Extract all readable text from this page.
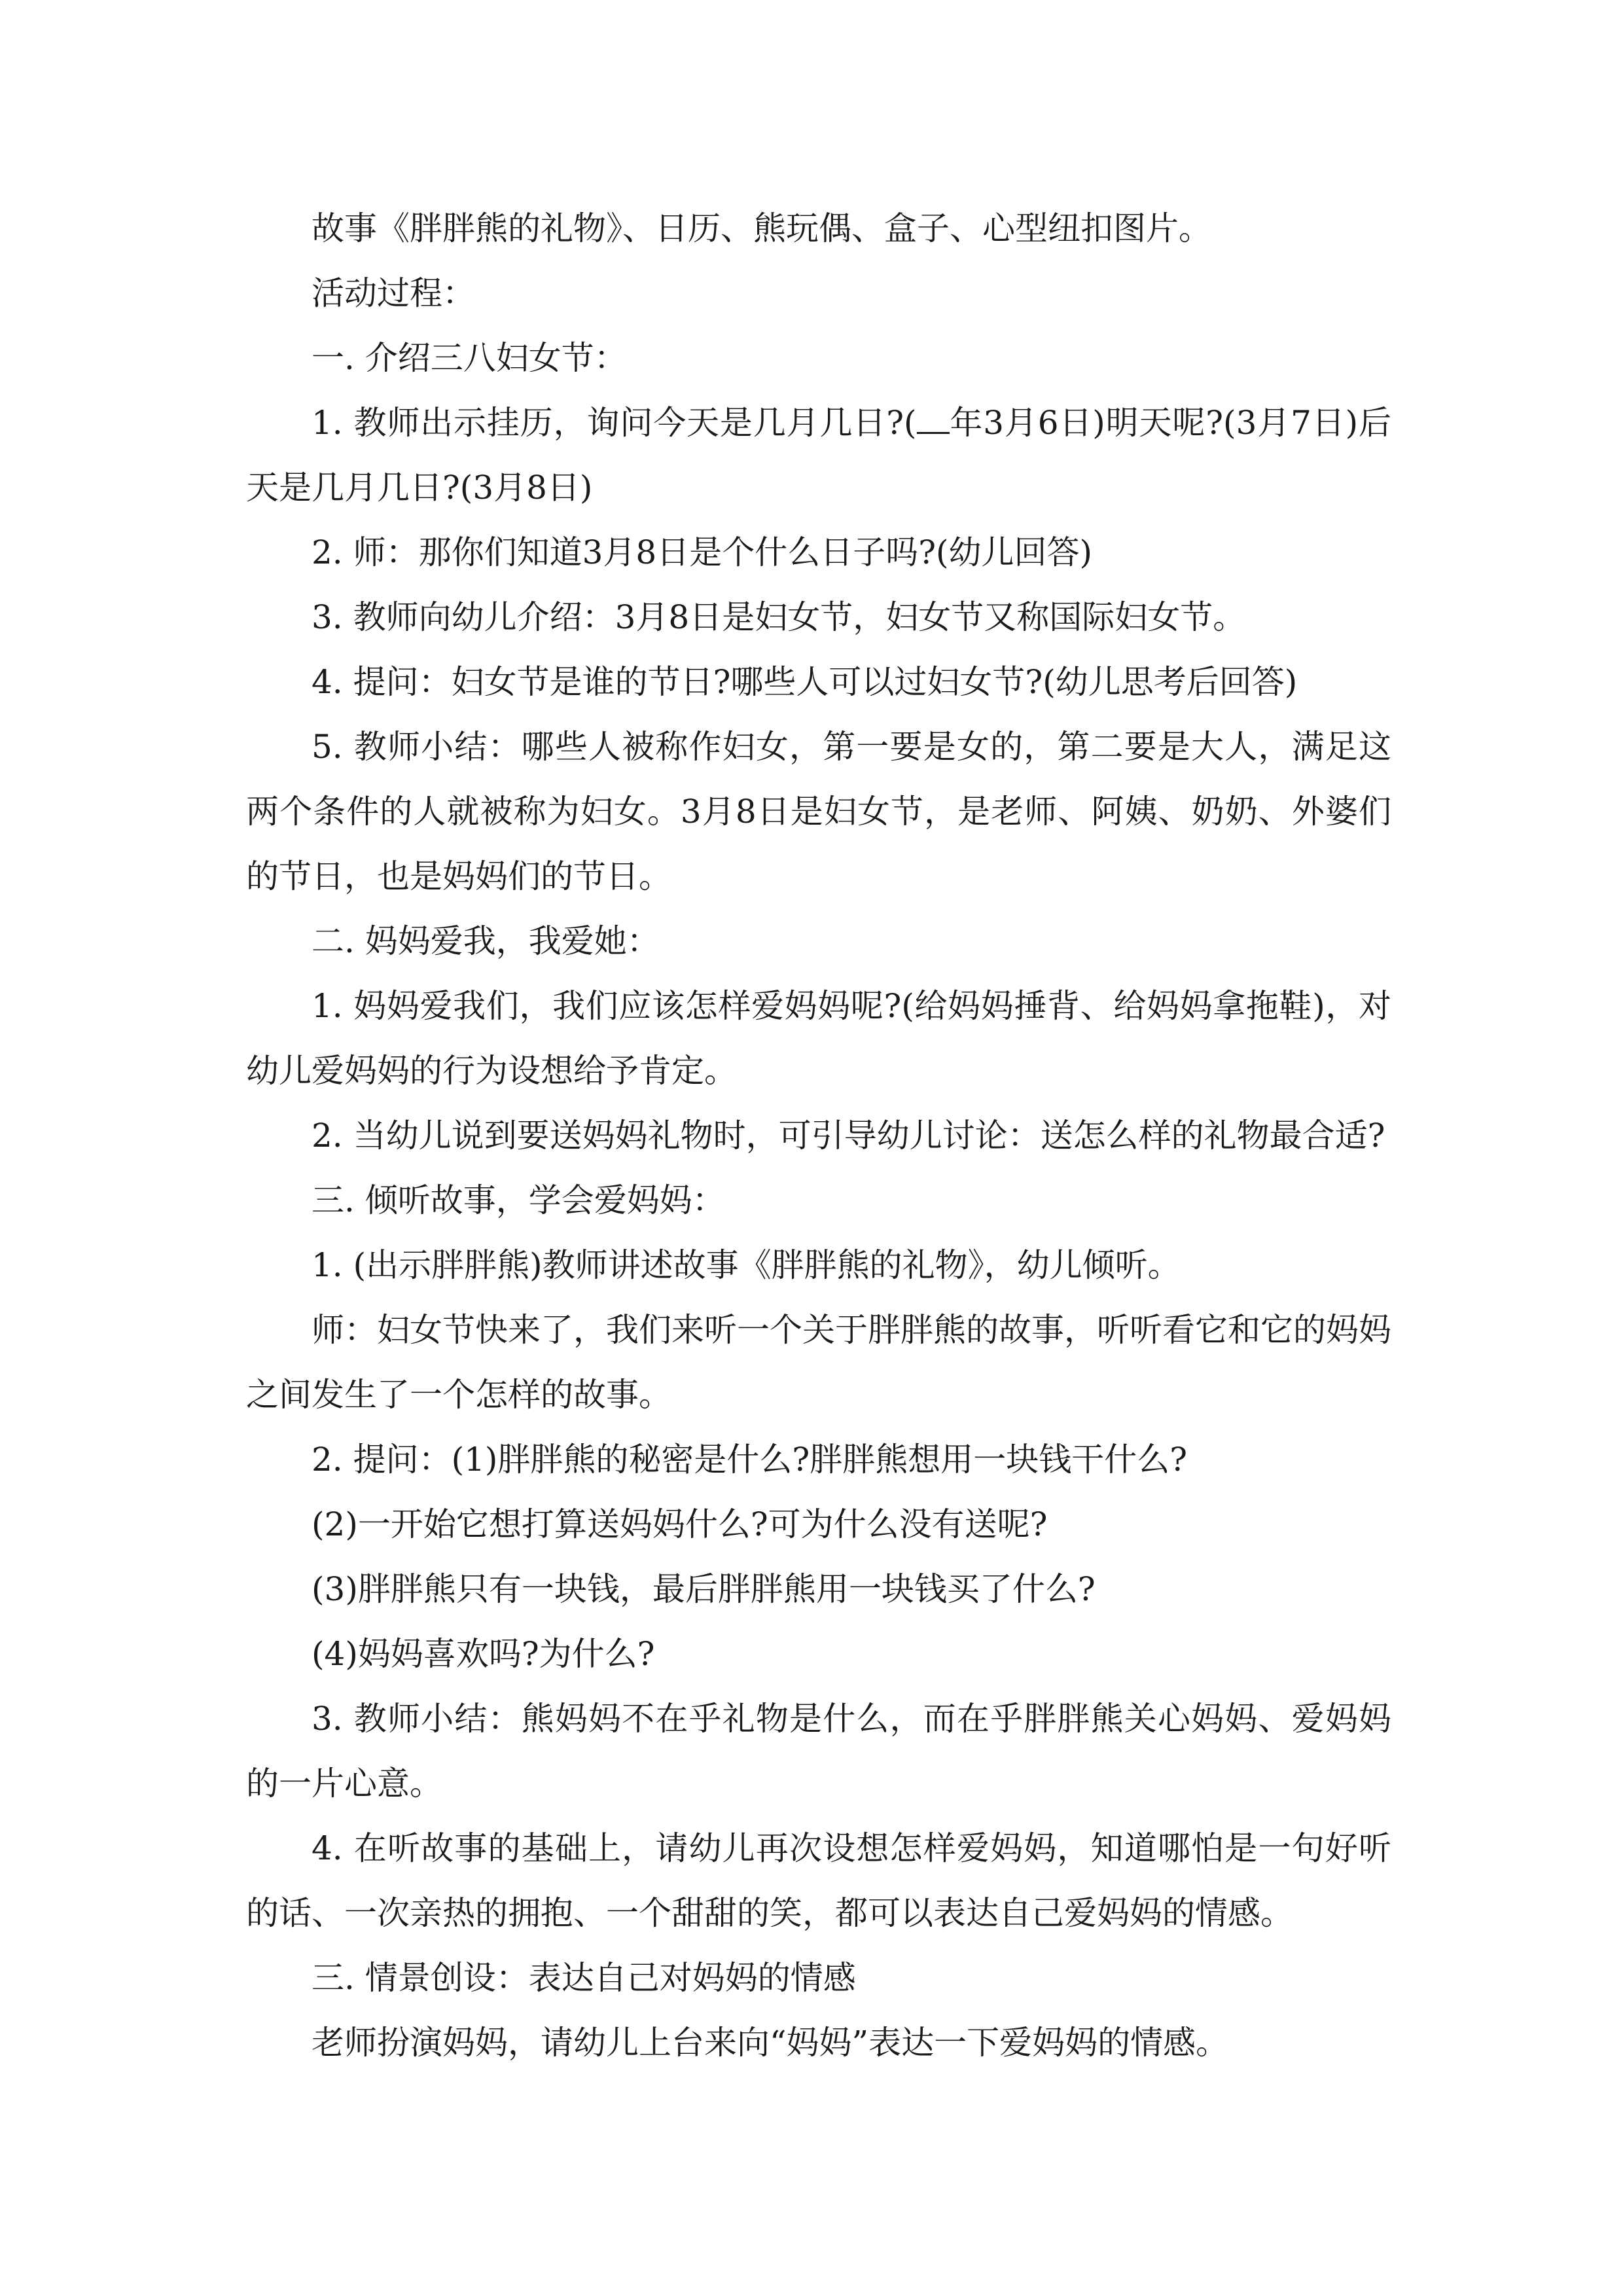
故事《胖胖熊的礼物》、日历、熊玩偶、盒子、心型纽扣图片。

活动过程：

一. 介绍三八妇女节：

1. 教师出示挂历，询问今天是几月几日?( 年3月6日)明天呢?(3月7日)后天是几月几日?(3月8日)

2. 师：那你们知道3月8日是个什么日子吗?(幼儿回答)

3. 教师向幼儿介绍：3月8日是妇女节，妇女节又称国际妇女节。

4. 提问：妇女节是谁的节日?哪些人可以过妇女节?(幼儿思考后回答)

5. 教师小结：哪些人被称作妇女，第一要是女的，第二要是大人，满足这两个条件的人就被称为妇女。3月8日是妇女节，是老师、阿姨、奶奶、外婆们的节日，也是妈妈们的节日。

二. 妈妈爱我，我爱她：

1. 妈妈爱我们，我们应该怎样爱妈妈呢?(给妈妈捶背、给妈妈拿拖鞋)，对幼儿爱妈妈的行为设想给予肯定。

2. 当幼儿说到要送妈妈礼物时，可引导幼儿讨论：送怎么样的礼物最合适?

三. 倾听故事，学会爱妈妈：

1. (出示胖胖熊)教师讲述故事《胖胖熊的礼物》，幼儿倾听。

师：妇女节快来了，我们来听一个关于胖胖熊的故事，听听看它和它的妈妈之间发生了一个怎样的故事。

2. 提问：(1)胖胖熊的秘密是什么?胖胖熊想用一块钱干什么?

(2)一开始它想打算送妈妈什么?可为什么没有送呢?

(3)胖胖熊只有一块钱，最后胖胖熊用一块钱买了什么?

(4)妈妈喜欢吗?为什么?

3. 教师小结：熊妈妈不在乎礼物是什么，而在乎胖胖熊关心妈妈、爱妈妈的一片心意。

4. 在听故事的基础上，请幼儿再次设想怎样爱妈妈，知道哪怕是一句好听的话、一次亲热的拥抱、一个甜甜的笑，都可以表达自己爱妈妈的情感。

三. 情景创设：表达自己对妈妈的情感

老师扮演妈妈，请幼儿上台来向“妈妈”表达一下爱妈妈的情感。
